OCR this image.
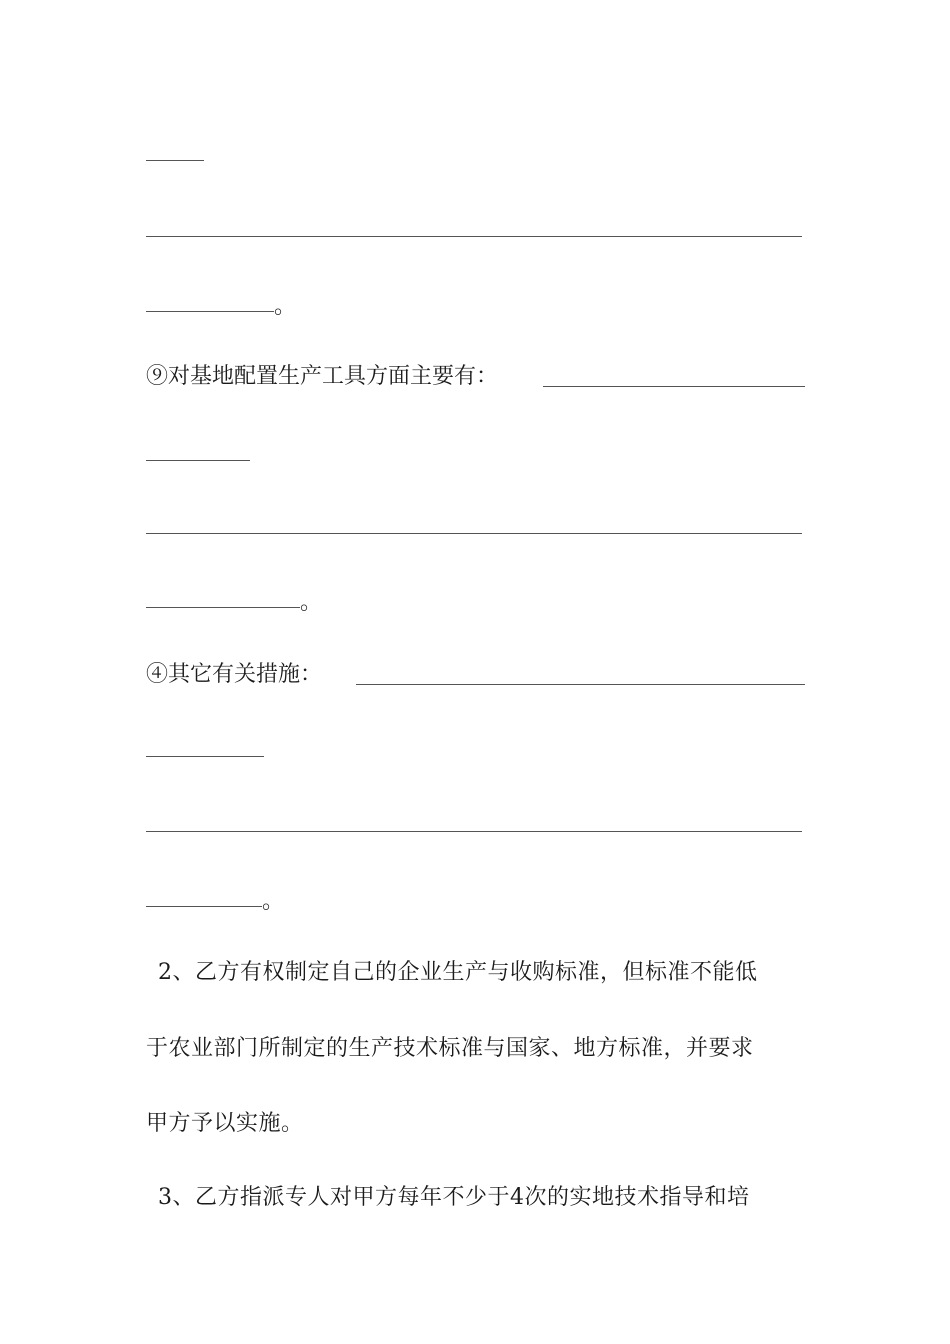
。
⑨对基地配置生产工具方面主要有：
。
④其它有关措施：
。
2、乙方有权制定自己的企业生产与收购标准，但标准不能低
于农业部门所制定的生产技术标准与国家、地方标准，并要求
甲方予以实施。
3、乙方指派专人对甲方每年不少于4次的实地技术指导和培
